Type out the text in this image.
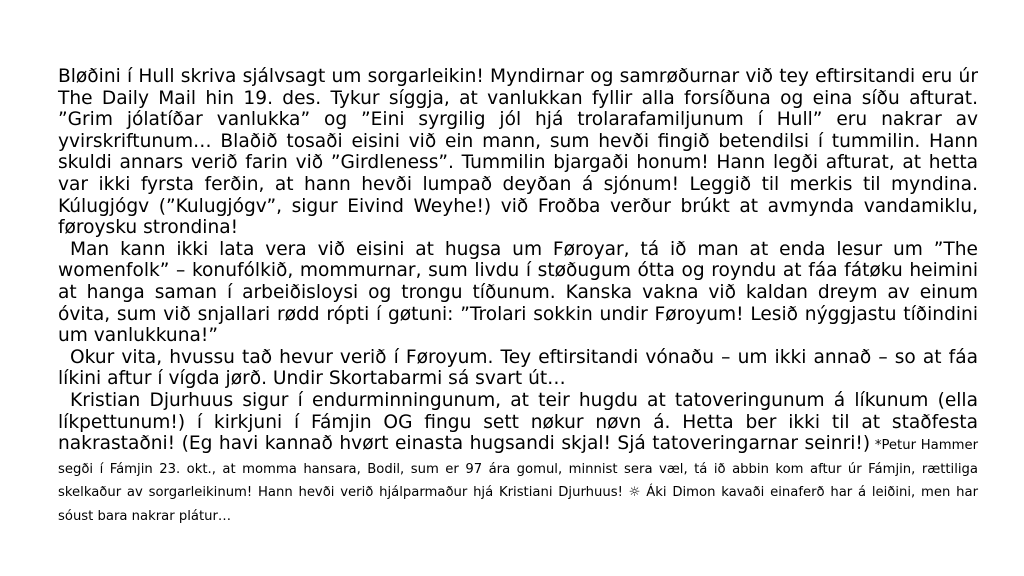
Bløðini í Hull skriva sjálvsagt um sorgarleikin! Myndirnar og samrøðurnar við tey eftirsitandi eru úr The Daily Mail hin 19. des. Tykur síggja, at vanlukkan fyllir alla forsíðuna og eina síðu afturat. ”Grim jólatíðar vanlukka” og ”Eini syrgilig jól hjá trolarafamiljunum í Hull” eru nakrar av yvirskriftunum… Blaðið tosaði eisini við ein mann, sum hevði fingið betendilsi í tummilin. Hann skuldi annars verið farin við ”Girdleness”. Tummilin bjargaði honum! Hann legði afturat, at hetta var ikki fyrsta ferðin, at hann hevði lumpað deyðan á sjónum! Leggið til merkis til myndina. Kúlugjógv (”Kulugjógv”, sigur Eivind Weyhe!) við Froðba verður brúkt at avmynda vandamiklu, føroysku strondina!
Man kann ikki lata vera við eisini at hugsa um Føroyar, tá ið man at enda lesur um ”The womenfolk” – konufólkið, mommurnar, sum livdu í støðugum ótta og royndu at fáa fátøku heimini at hanga saman í arbeiðisloysi og trongu tíðunum. Kanska vakna við kaldan dreym av einum óvita, sum við snjallari rødd rópti í gøtuni: ”Trolari sokkin undir Føroyum! Lesið nýggjastu tíðindini um vanlukkuna!”
Okur vita, hvussu tað hevur verið í Føroyum. Tey eftirsitandi vónaðu – um ikki annað – so at fáa líkini aftur í vígda jørð. Undir Skortabarmi sá svart út…
Kristian Djurhuus sigur í endurminningunum, at teir hugdu at tatoveringunum á líkunum (ella líkpettunum!) í kirkjuni í Fámjin OG fingu sett nøkur nøvn á. Hetta ber ikki til at staðfesta nakrastaðni! (Eg havi kannað hvørt einasta hugsandi skjal! Sjá tatoveringarnar seinri!) *Petur Hammer segði í Fámjin 23. okt., at momma hansara, Bodil, sum er 97 ára gomul, minnist sera væl, tá ið abbin kom aftur úr Fámjin, rættiliga skelkaður av sorgarleikinum! Hann hevði verið hjálparmaður hjá Kristiani Djurhuus! ☼ Áki Dimon kavaði einaferð har á leiðini, men har sóust bara nakrar plátur…
